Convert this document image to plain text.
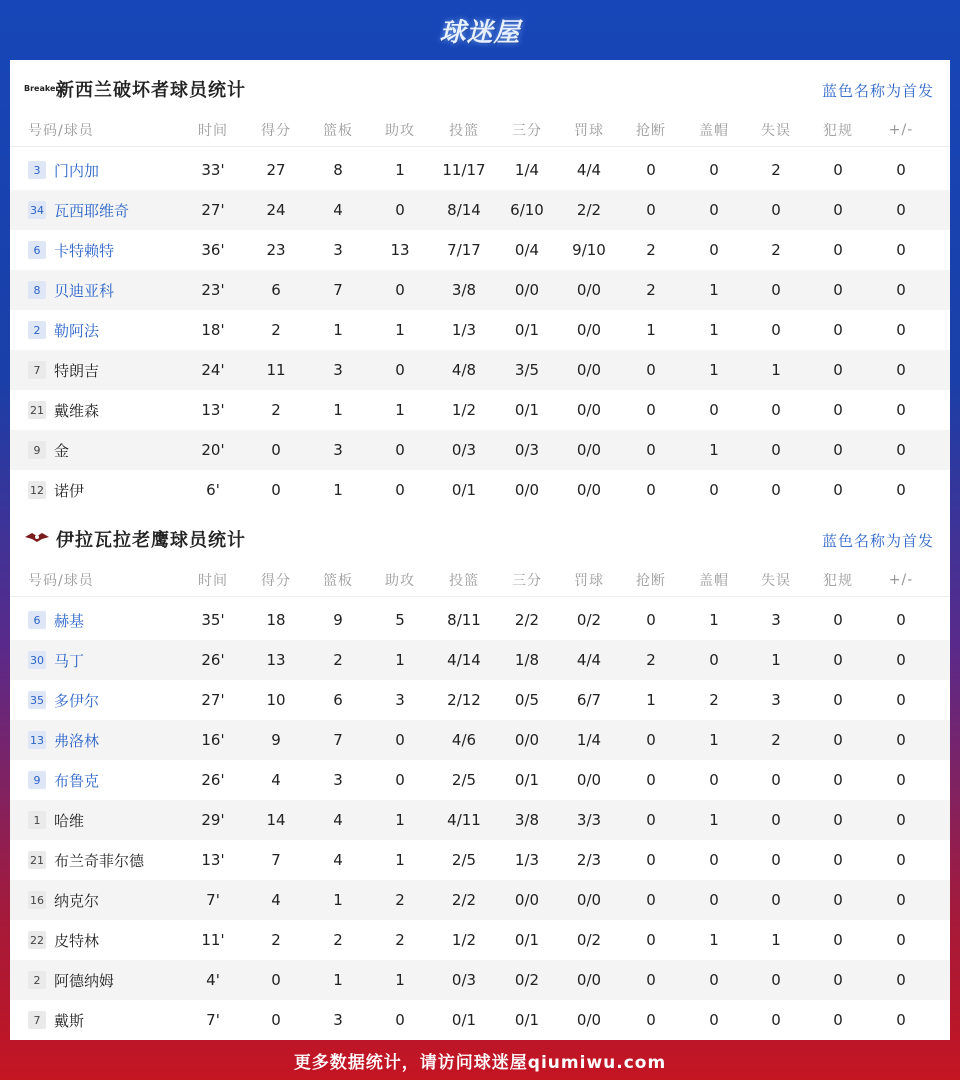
球迷屋
Breakers
新西兰破坏者球员统计	蓝色名称为首发
号码/球员	时间	得分	篮板	助攻	投篮	三分	罚球	抢断	盖帽	失误	犯规	+/-
3 门内加	33'	27	8	1	11/17	1/4	4/4	0	0	2	0	0
34 瓦西耶维奇	27'	24	4	0	8/14	6/10	2/2	0	0	0	0	0
6 卡特赖特	36'	23	3	13	7/17	0/4	9/10	2	0	2	0	0
8 贝迪亚科	23'	6	7	0	3/8	0/0	0/0	2	1	0	0	0
2 勒阿法	18'	2	1	1	1/3	0/1	0/0	1	1	0	0	0
7 特朗吉	24'	11	3	0	4/8	3/5	0/0	0	1	1	0	0
21 戴维森	13'	2	1	1	1/2	0/1	0/0	0	0	0	0	0
9 金	20'	0	3	0	0/3	0/3	0/0	0	1	0	0	0
12 诺伊	6'	0	1	0	0/1	0/0	0/0	0	0	0	0	0
伊拉瓦拉老鹰球员统计	蓝色名称为首发
号码/球员	时间	得分	篮板	助攻	投篮	三分	罚球	抢断	盖帽	失误	犯规	+/-
6 赫基	35'	18	9	5	8/11	2/2	0/2	0	1	3	0	0
30 马丁	26'	13	2	1	4/14	1/8	4/4	2	0	1	0	0
35 多伊尔	27'	10	6	3	2/12	0/5	6/7	1	2	3	0	0
13 弗洛林	16'	9	7	0	4/6	0/0	1/4	0	1	2	0	0
9 布鲁克	26'	4	3	0	2/5	0/1	0/0	0	0	0	0	0
1 哈维	29'	14	4	1	4/11	3/8	3/3	0	1	0	0	0
21 布兰奇菲尔德	13'	7	4	1	2/5	1/3	2/3	0	0	0	0	0
16 纳克尔	7'	4	1	2	2/2	0/0	0/0	0	0	0	0	0
22 皮特林	11'	2	2	2	1/2	0/1	0/2	0	1	1	0	0
2 阿德纳姆	4'	0	1	1	0/3	0/2	0/0	0	0	0	0	0
7 戴斯	7'	0	3	0	0/1	0/1	0/0	0	0	0	0	0
更多数据统计，请访问球迷屋qiumiwu.com
